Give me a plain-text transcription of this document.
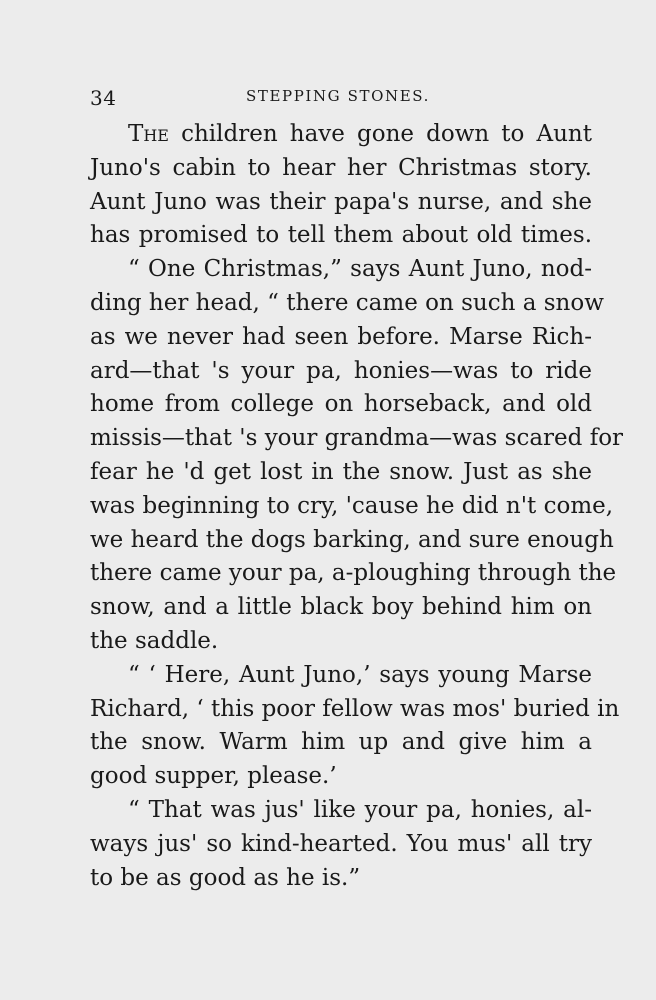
34	STEPPING STONES.
The children have gone down to Aunt
Juno's cabin to hear her Christmas story.
Aunt Juno was their papa's nurse, and she
has promised to tell them about old times.
“ One Christmas,” says Aunt Juno, nod-
ding her head, “ there came on such a snow
as we never had seen before. Marse Rich-
ard—that 's your pa, honies—was to ride
home from college on horseback, and old
missis—that 's your grandma—was scared for
fear he 'd get lost in the snow. Just as she
was beginning to cry, 'cause he did n't come,
we heard the dogs barking, and sure enough
there came your pa, a-ploughing through the
snow, and a little black boy behind him on
the saddle.
“ ‘ Here, Aunt Juno,’ says young Marse
Richard, ‘ this poor fellow was mos' buried in
the snow. Warm him up and give him a
good supper, please.’
“ That was jus' like your pa, honies, al-
ways jus' so kind-hearted. You mus' all try
to be as good as he is.”
